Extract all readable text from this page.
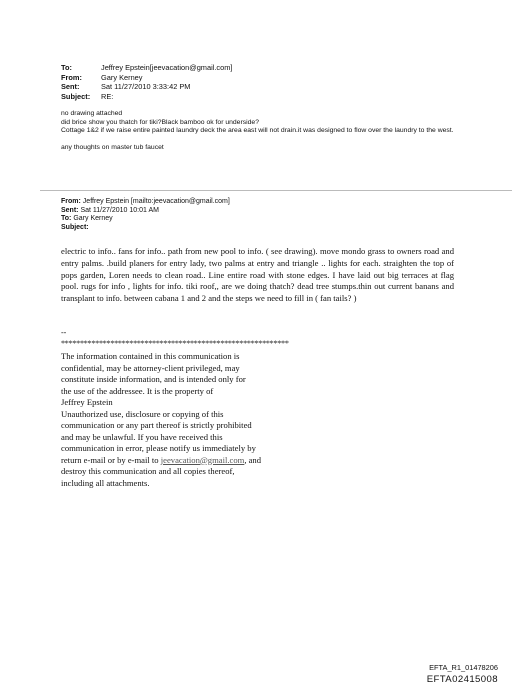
To:	Jeffrey Epstein[jeevacation@gmail.com]
From:	Gary Kerney
Sent:	Sat 11/27/2010 3:33:42 PM
Subject:	RE:

no drawing attached

did brice show you thatch for tiki?Black bamboo ok for underside?

Cottage 1&2 if we raise entire painted laundry deck the area east will not drain.it was designed to flow over the laundry to the west.

any thoughts on master tub faucet

From: Jeffrey Epstein [mailto:jeevacation@gmail.com]
Sent: Sat 11/27/2010 10:01 AM
To: Gary Kerney
Subject:

electric to info.. fans for info.. path from new pool to info. ( see drawing). move mondo grass to owners road and entry palms. .build planers for entry lady, two palms at entry and triangle .. lights for each. straighten the top of pops garden, Loren needs to clean road.. Line entire road with stone edges. I have laid out big terraces at flag pool. rugs for info , lights for info. tiki roof,, are we doing thatch? dead tree stumps.thin out current banans and transplant to info. between cabana 1 and 2 and the steps we need to fill in ( fan tails? )

--
************************************************************

The information contained in this communication is

confidential, may be attorney-client privileged, may

constitute inside information, and is intended only for

the use of the addressee. It is the property of

Jeffrey Epstein

Unauthorized use, disclosure or copying of this

communication or any part thereof is strictly prohibited

and may be unlawful. If you have received this

communication in error, please notify us immediately by

return e-mail or by e-mail to jeevacation@gmail.com, and

destroy this communication and all copies thereof,

including all attachments.

EFTA_R1_01478206
EFTA02415008
